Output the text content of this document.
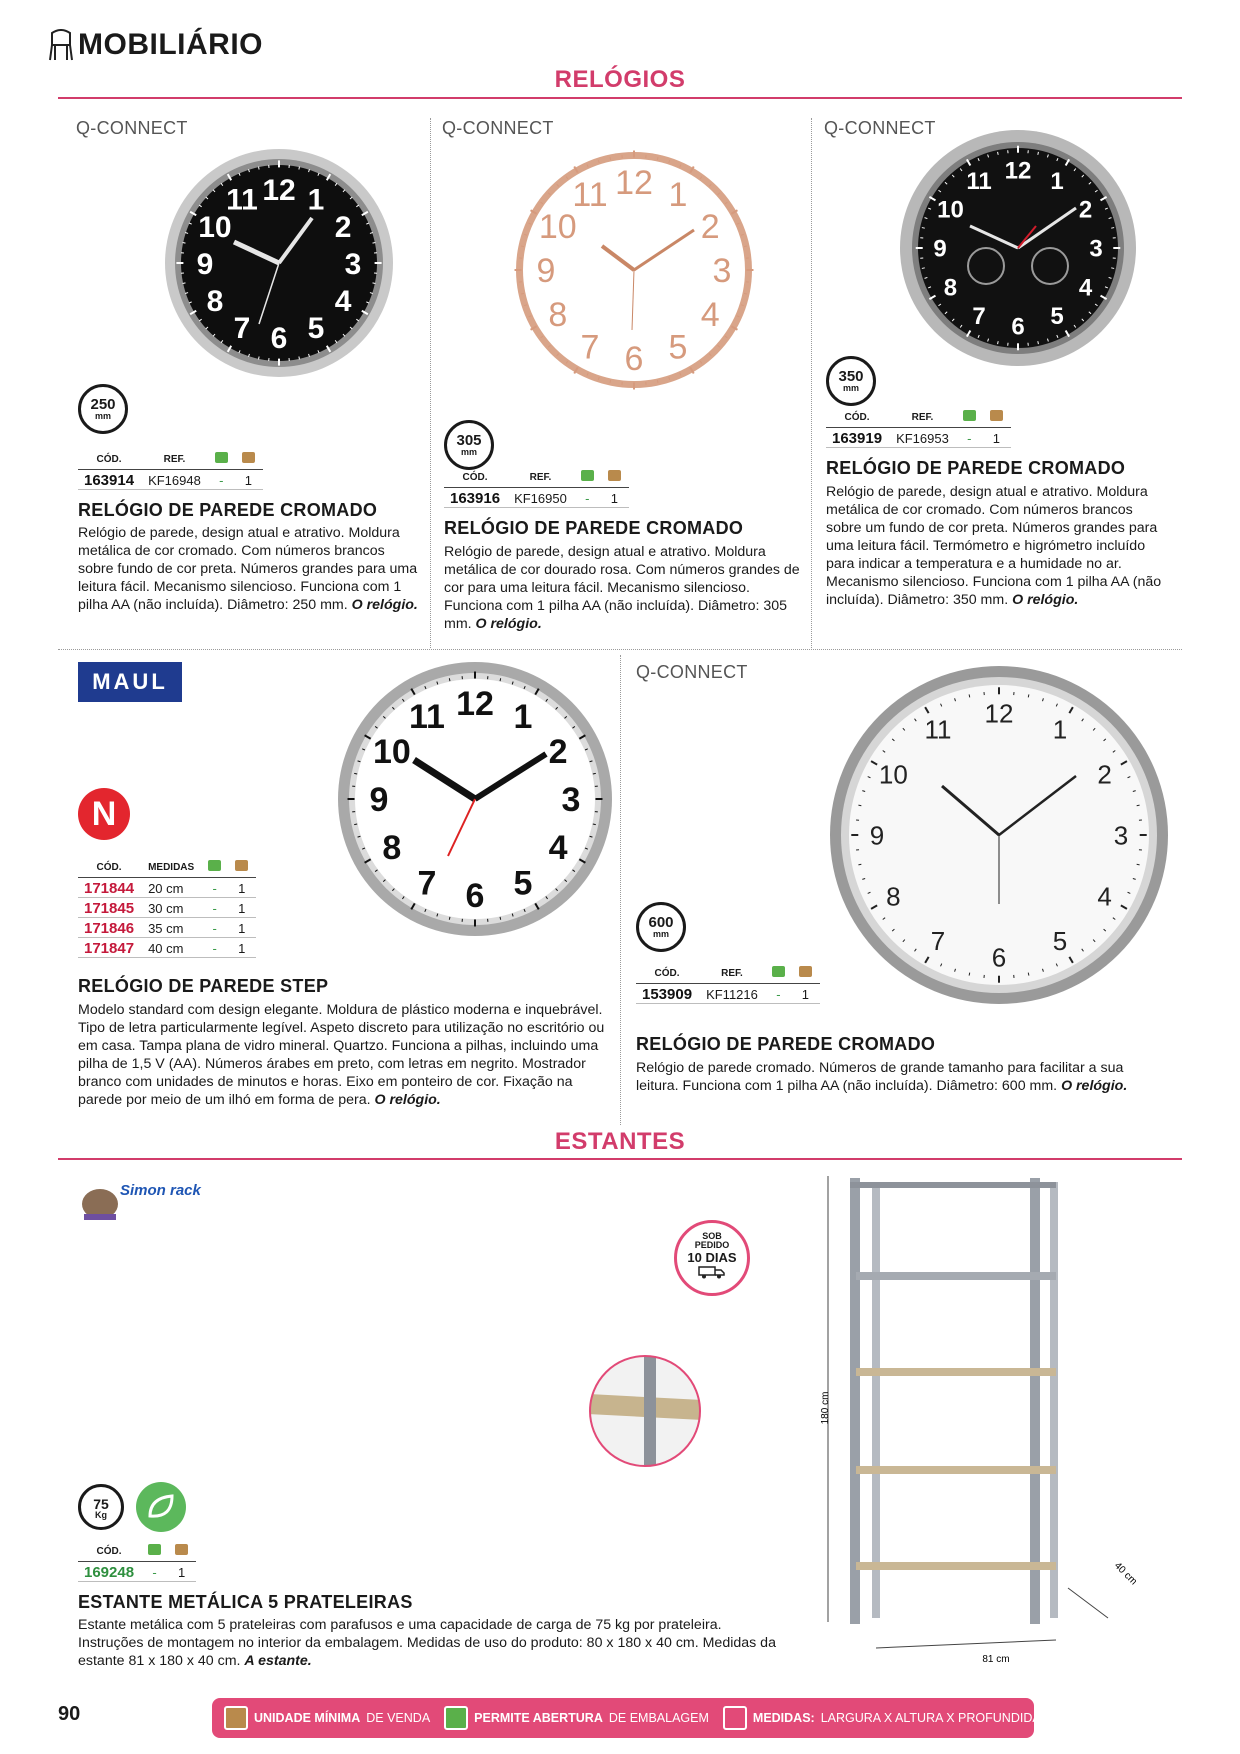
MOBILIÁRIO
RELÓGIOS
Q-CONNECT
12 1
2
3
4
5
6
7
8
9
10
11
250
mm
CÓD.	REF.		
163914	KF16948	-	1
RELÓGIO DE PAREDE CROMADO
Relógio de parede, design atual e atrativo. Moldura metálica de cor cromado. Com números brancos sobre fundo de cor preta. Números grandes para uma leitura fácil. Mecanismo silencioso. Funciona com 1 pilha AA (não incluída). Diâmetro: 250 mm. O relógio.
Q-CONNECT
12 1
2
3
4
5
6
7
8
9
10
11
305
mm
CÓD.	REF.		
163916	KF16950	-	1
RELÓGIO DE PAREDE CROMADO
Relógio de parede, design atual e atrativo. Moldura metálica de cor dourado rosa. Com números grandes de cor para uma leitura fácil. Mecanismo silencioso. Funciona com 1 pilha AA (não incluída). Diâmetro: 305 mm. O relógio.
Q-CONNECT
12 1
2
3
4
5
6
7
8
9
10
11
350
mm
CÓD.	REF.		
163919	KF16953	-	1
RELÓGIO DE PAREDE CROMADO
Relógio de parede, design atual e atrativo. Moldura metálica de cor cromado. Com números brancos sobre um fundo de cor preta. Números grandes para uma leitura fácil. Termómetro e higrómetro incluído para indicar a temperatura e a humidade no ar. Mecanismo silencioso. Funciona com 1 pilha AA (não incluída). Diâmetro: 350 mm. O relógio.
MAUL
12 1
2
3
4
5
6
7
8
9
10
11
N
CÓD.	MEDIDAS		
171844	20 cm	-	1
171845	30 cm	-	1
171846	35 cm	-	1
171847	40 cm	-	1
RELÓGIO DE PAREDE STEP
Modelo standard com design elegante. Moldura de plástico moderna e inquebrável. Tipo de letra particularmente legível. Aspeto discreto para utilização no escritório ou em casa. Tampa plana de vidro mineral. Quartzo. Funciona a pilhas, incluindo uma pilha de 1,5 V (AA). Números árabes em preto, com letras em negrito. Mostrador branco com unidades de minutos e horas. Eixo em ponteiro de cor. Fixação na parede por meio de um ilhó em forma de pera. O relógio.
Q-CONNECT
12
1
2
3
4
5
6
7
8
9
10
11
600
mm
CÓD.	REF.		
153909	KF11216	-	1
RELÓGIO DE PAREDE CROMADO
Relógio de parede cromado. Números de grande tamanho para facilitar a sua leitura. Funciona com 1 pilha AA (não incluída). Diâmetro: 600 mm. O relógio.
ESTANTES
Simon rack
SOB
PEDIDO
10 DIAS
180 cm
81 cm
40 cm
75
Kg
CÓD.		
169248	-	1
ESTANTE METÁLICA 5 PRATELEIRAS
Estante metálica com 5 prateleiras com parafusos e uma capacidade de carga de 75 kg por prateleira. Instruções de montagem no interior da embalagem. Medidas de uso do produto: 80 x 180 x 40 cm. Medidas da estante 81 x 180 x 40 cm. A estante.
90	UNIDADE MÍNIMA DE VENDA	PERMITE ABERTURA DE EMBALAGEM	MEDIDAS: LARGURA X ALTURA X PROFUNDIDADE
